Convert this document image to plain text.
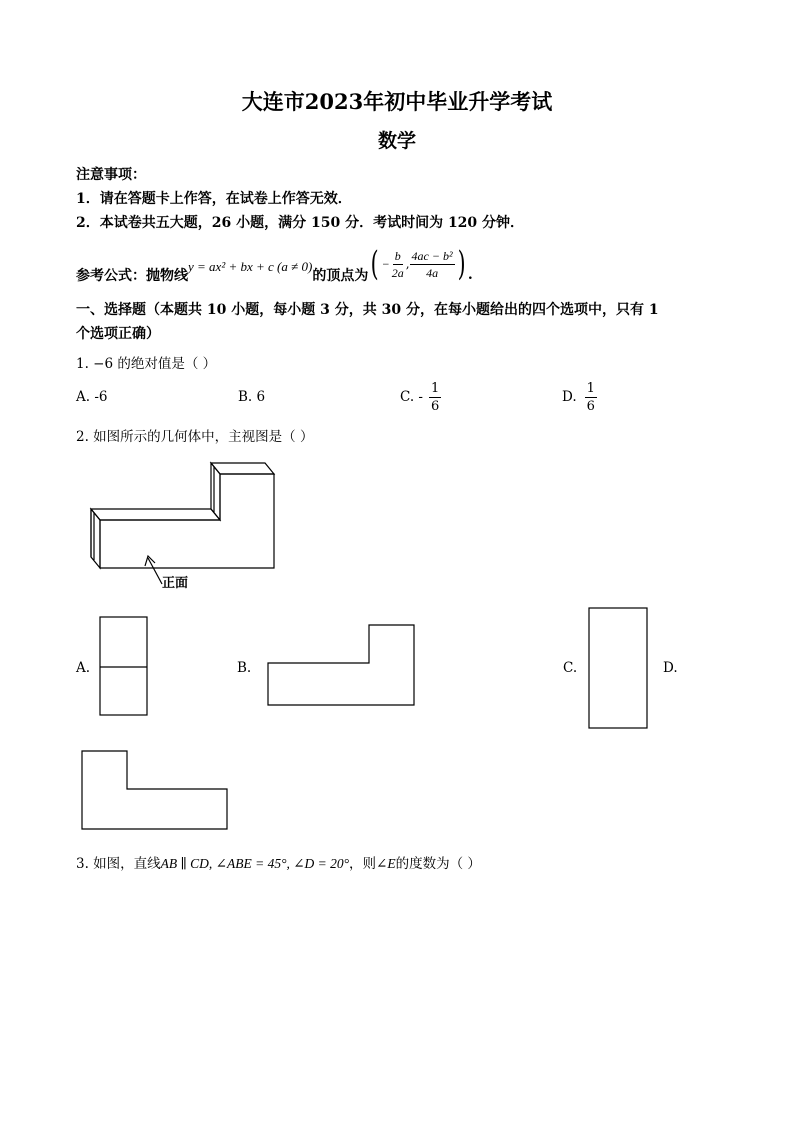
大连市2023年初中毕业升学考试
数学
注意事项：
1．请在答题卡上作答，在试卷上作答无效．
2．本试卷共五大题，26 小题，满分 150 分．考试时间为 120 分钟．
参考公式：抛物线
y = ax² + bx + c (a ≠ 0)
的顶点为 ( − $\frac{b}{2a}$ , $\frac{\text{4ac − b²}}{4a}$ ) .
一、选择题（本题共 10 小题，每小题 3 分，共 30 分，在每小题给出的四个选项中，只有 1
个选项正确）
1. −6 的绝对值是（ ）
A. -6	B. 6	C. - $\frac{1}{6}$	D. $\frac{1}{6}$
2. 如图所示的几何体中，主视图是（ ）
正面
A.	B.	C.	D.
3. 如图，直线AB ∥ CD, ∠ABE = 45°, ∠D = 20°，则∠E的度数为（ ）
